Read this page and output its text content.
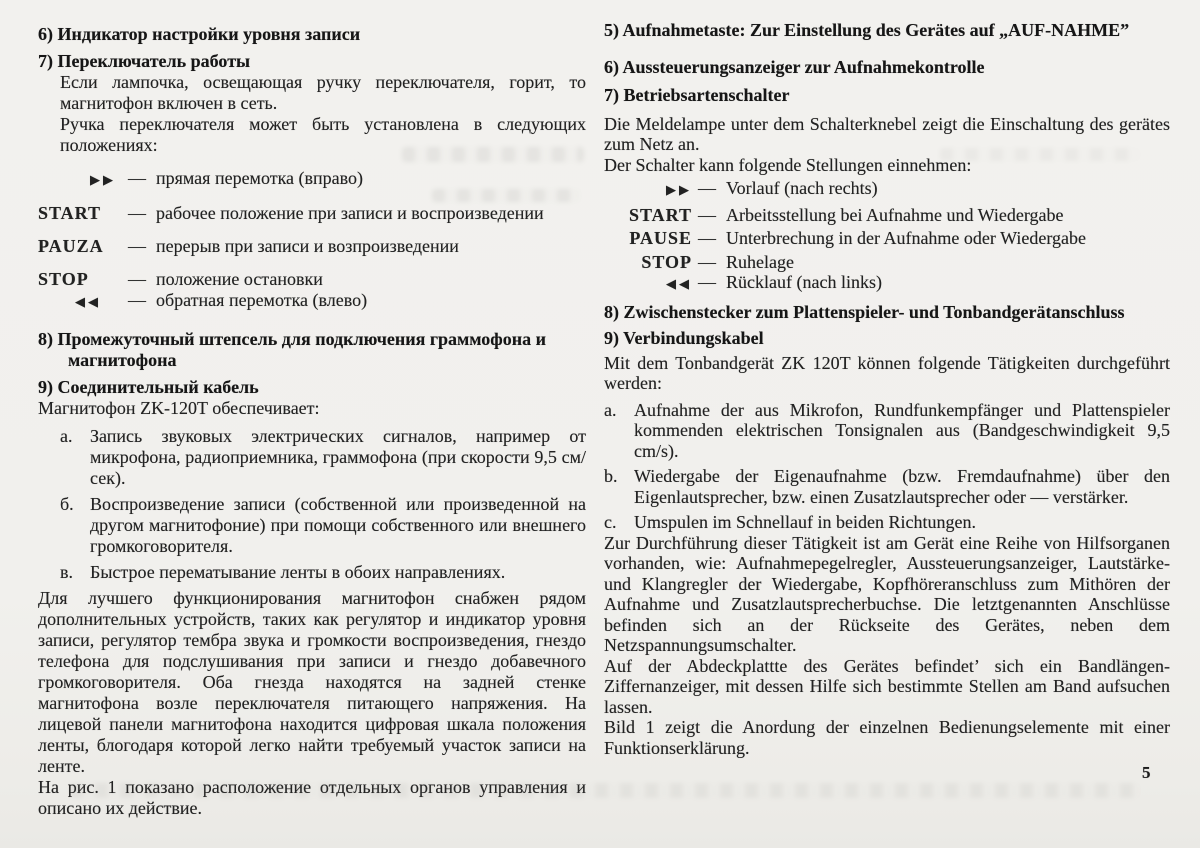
6) Индикатор настройки уровня записи
7) Переключатель работы
Если лампочка, освещающая ручку переключателя, горит, то магнитофон включен в сеть.
Ручка переключателя может быть установлена в следующих положениях:
▶▶ — прямая перемотка (вправо)
START	— рабочее положение при записи и воспроизведении
PAUZA	— перерыв при записи и возпроизведении
STOP	— положение остановки
◀◀	— обратная перемотка (влево)
8) Промежуточный штепсель для подключения граммофона и магнитофона
9) Соединительный кабель
Магнитофон ZK-120T обеспечивает:
а. Запись звуковых электрических сигналов, например от микрофона, радиоприемника, граммофона (при скорости 9,5 см/сек).
б. Воспроизведение записи (собственной или произведенной на другом магнитофоние) при помощи собственного или внешнего громкоговорителя.
в. Быстрое перематывание ленты в обоих направлениях.
Для лучшего функционирования магнитофон снабжен рядом дополнительных устройств, таких как регулятор и индикатор уровня записи, регулятор тембра звука и громкости воспроизведения, гнездо телефона для подслушивания при записи и гнездо добавечного громкоговорителя. Оба гнезда находятся на задней стенке магнитофона возле переключателя питающего напряжения. На лицевой панели магнитофона находится цифровая шкала положения ленты, блогодаря которой легко найти требуемый участок записи на ленте.
На рис. 1 показано расположение отдельных органов управления и описано их действие.
5) Aufnahmetaste: Zur Einstellung des Gerätes auf „AUF-NAHME”
6) Aussteuerungsanzeiger zur Aufnahmekontrolle
7) Betriebsartenschalter
Die Meldelampe unter dem Schalterknebel zeigt die Einschaltung des gerätes zum Netz an.
Der Schalter kann folgende Stellungen einnehmen:
▶▶ — Vorlauf (nach rechts)
START — Arbeitsstellung bei Aufnahme und Wiedergabe
PAUSE — Unterbrechung in der Aufnahme oder Wiedergabe
STOP — Ruhelage
◀◀ — Rücklauf (nach links)
8) Zwischenstecker zum Plattenspieler- und Tonbandgerätanschluss
9) Verbindungskabel
Mit dem Tonbandgerät ZK 120T können folgende Tätigkeiten durchgeführt werden:
a. Aufnahme der aus Mikrofon, Rundfunkempfänger und Plattenspieler kommenden elektrischen Tonsignalen aus (Bandgeschwindigkeit 9,5 cm/s).
b. Wiedergabe der Eigenaufnahme (bzw. Fremdaufnahme) über den Eigenlautsprecher, bzw. einen Zusatzlautsprecher oder — verstärker.
c. Umspulen im Schnellauf in beiden Richtungen.
Zur Durchführung dieser Tätigkeit ist am Gerät eine Reihe von Hilfsorganen vorhanden, wie: Aufnahmepegelregler, Aussteuerungsanzeiger, Lautstärke- und Klangregler der Wiedergabe, Kopfhöreranschluss zum Mithören der Aufnahme und Zusatzlautsprecherbuchse. Die letztgenannten Anschlüsse befinden sich an der Rückseite des Gerätes, neben dem Netzspannungsumschalter.
Auf der Abdeckplattte des Gerätes befindet’ sich ein Bandlängen-Ziffernanzeiger, mit dessen Hilfe sich bestimmte Stellen am Band aufsuchen lassen.
Bild 1 zeigt die Anordung der einzelnen Bedienungselemente mit einer Funktionserklärung.
5
